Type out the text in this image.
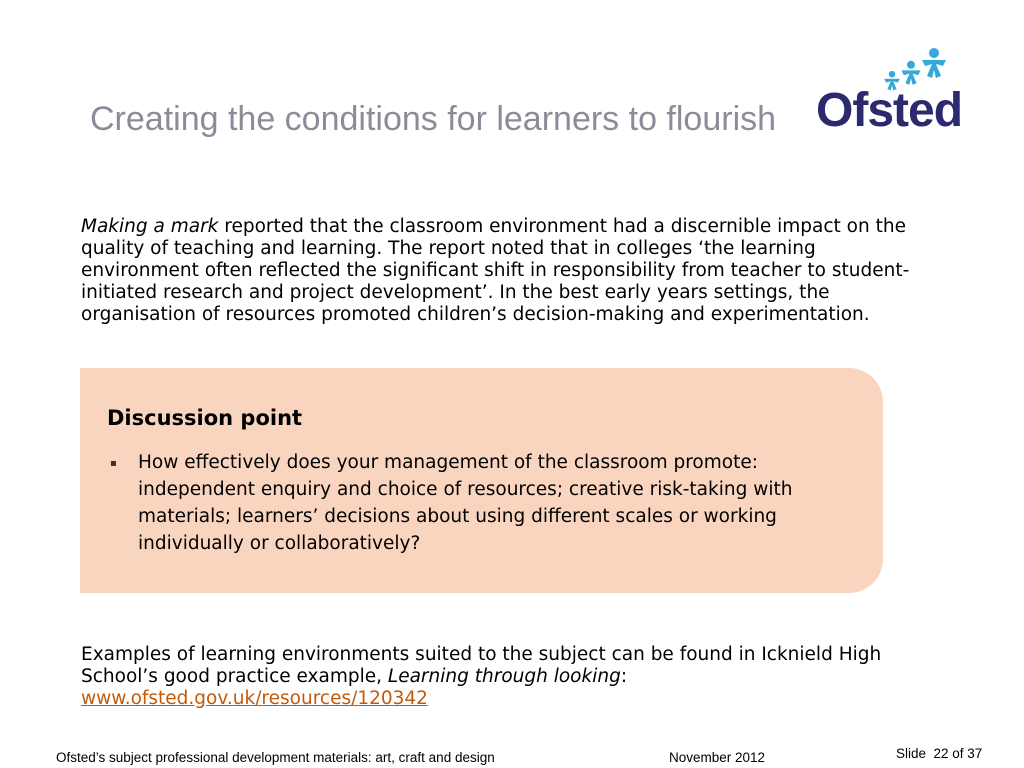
Creating the conditions for learners to flourish Ofsted
Making a mark reported that the classroom environment had a discernible impact on the quality of teaching and learning. The report noted that in colleges ‘the learning environment often reflected the significant shift in responsibility from teacher to student-initiated research and project development’. In the best early years settings, the organisation of resources promoted children’s decision-making and experimentation.
Discussion point
▪ How effectively does your management of the classroom promote: independent enquiry and choice of resources; creative risk-taking with materials; learners’ decisions about using different scales or working individually or collaboratively?
Examples of learning environments suited to the subject can be found in Icknield High School’s good practice example, Learning through looking:
www.ofsted.gov.uk/resources/120342
Ofsted’s subject professional development materials: art, craft and design	November 2012	Slide  22 of 37
